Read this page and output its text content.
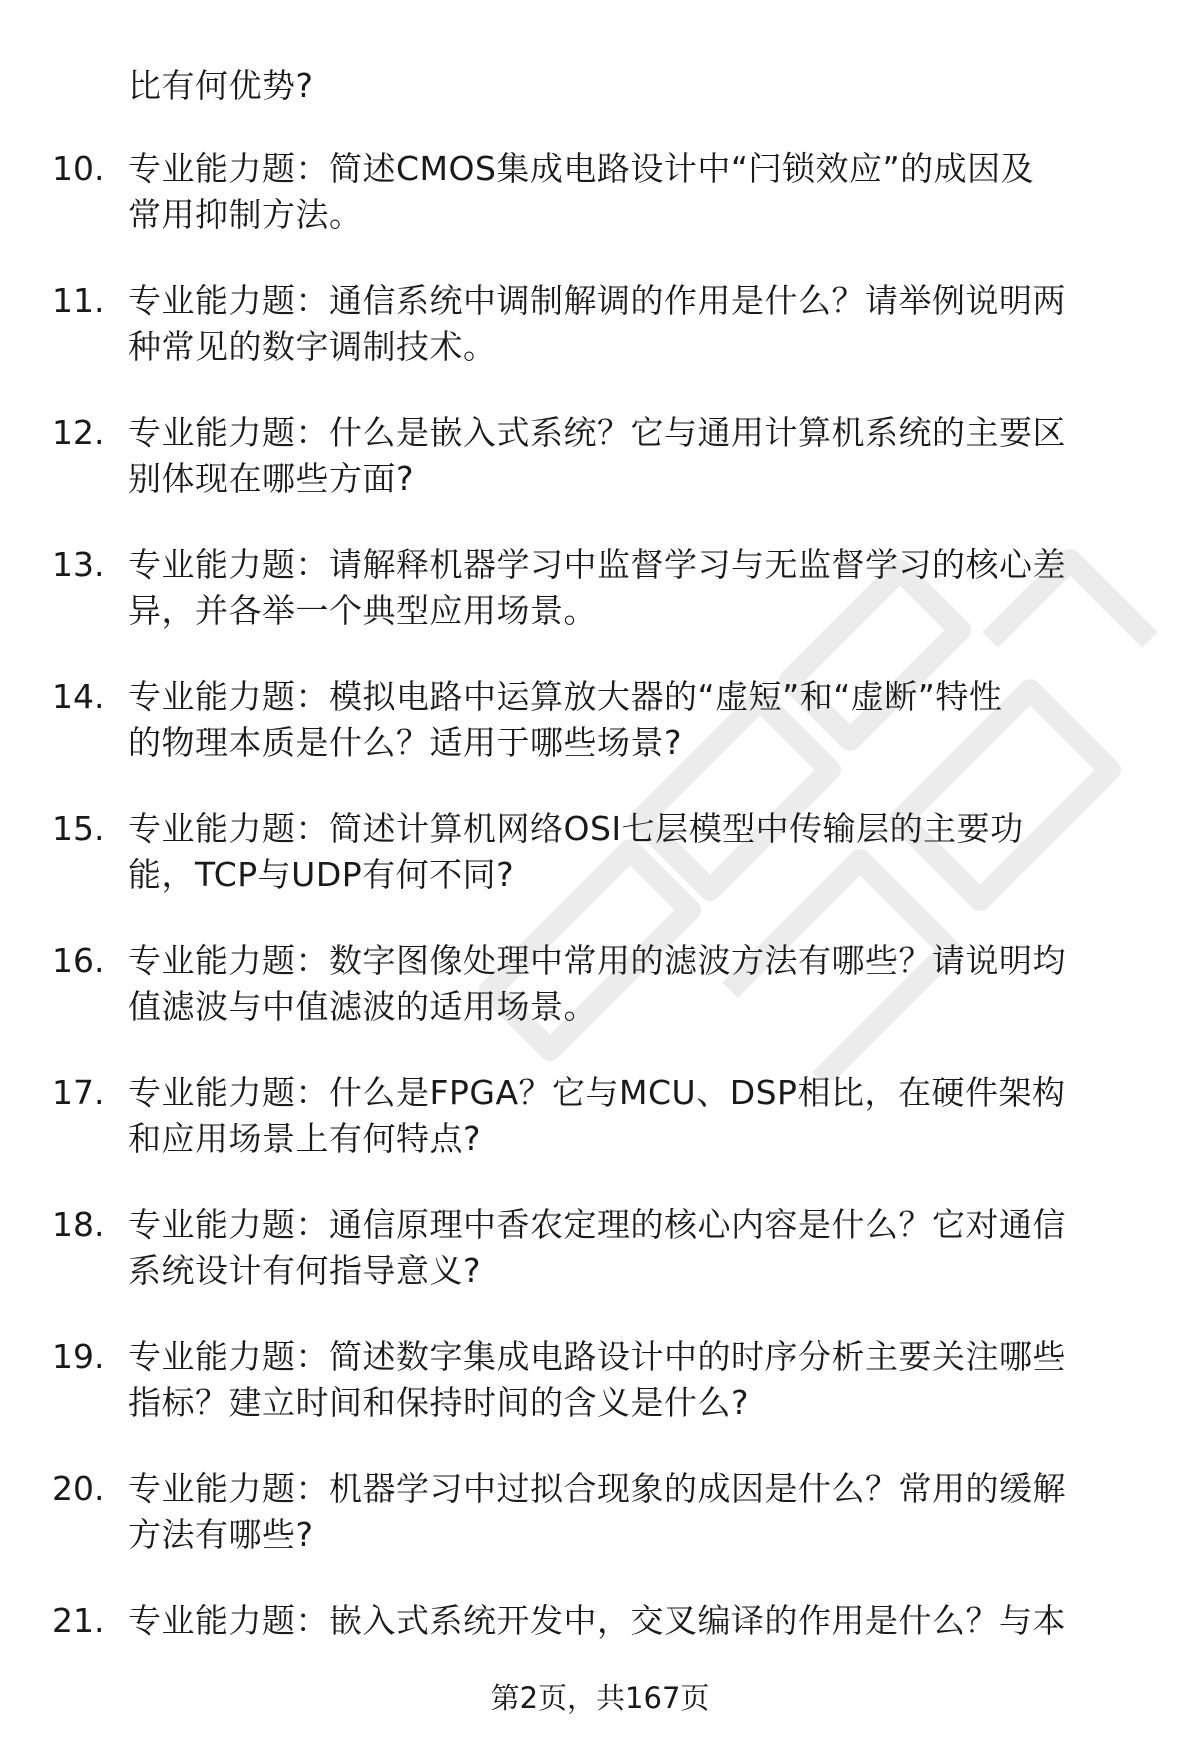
比有何优势?
10. 专业能力题：简述CMOS集成电路设计中“闩锁效应”的成因及
常用抑制方法。
11. 专业能力题：通信系统中调制解调的作用是什么？请举例说明两
种常见的数字调制技术。
12. 专业能力题：什么是嵌入式系统？它与通用计算机系统的主要区
别体现在哪些方面?
13. 专业能力题：请解释机器学习中监督学习与无监督学习的核心差
异，并各举一个典型应用场景。
14. 专业能力题：模拟电路中运算放大器的“虚短”和“虚断”特性
的物理本质是什么？适用于哪些场景?
15. 专业能力题：简述计算机网络OSI七层模型中传输层的主要功
能，TCP与UDP有何不同?
16. 专业能力题：数字图像处理中常用的滤波方法有哪些？请说明均
值滤波与中值滤波的适用场景。
17. 专业能力题：什么是FPGA？它与MCU、DSP相比，在硬件架构
和应用场景上有何特点?
18. 专业能力题：通信原理中香农定理的核心内容是什么？它对通信
系统设计有何指导意义?
19. 专业能力题：简述数字集成电路设计中的时序分析主要关注哪些
指标？建立时间和保持时间的含义是什么?
20. 专业能力题：机器学习中过拟合现象的成因是什么？常用的缓解
方法有哪些?
21. 专业能力题：嵌入式系统开发中，交叉编译的作用是什么？与本
第2页，共167页
